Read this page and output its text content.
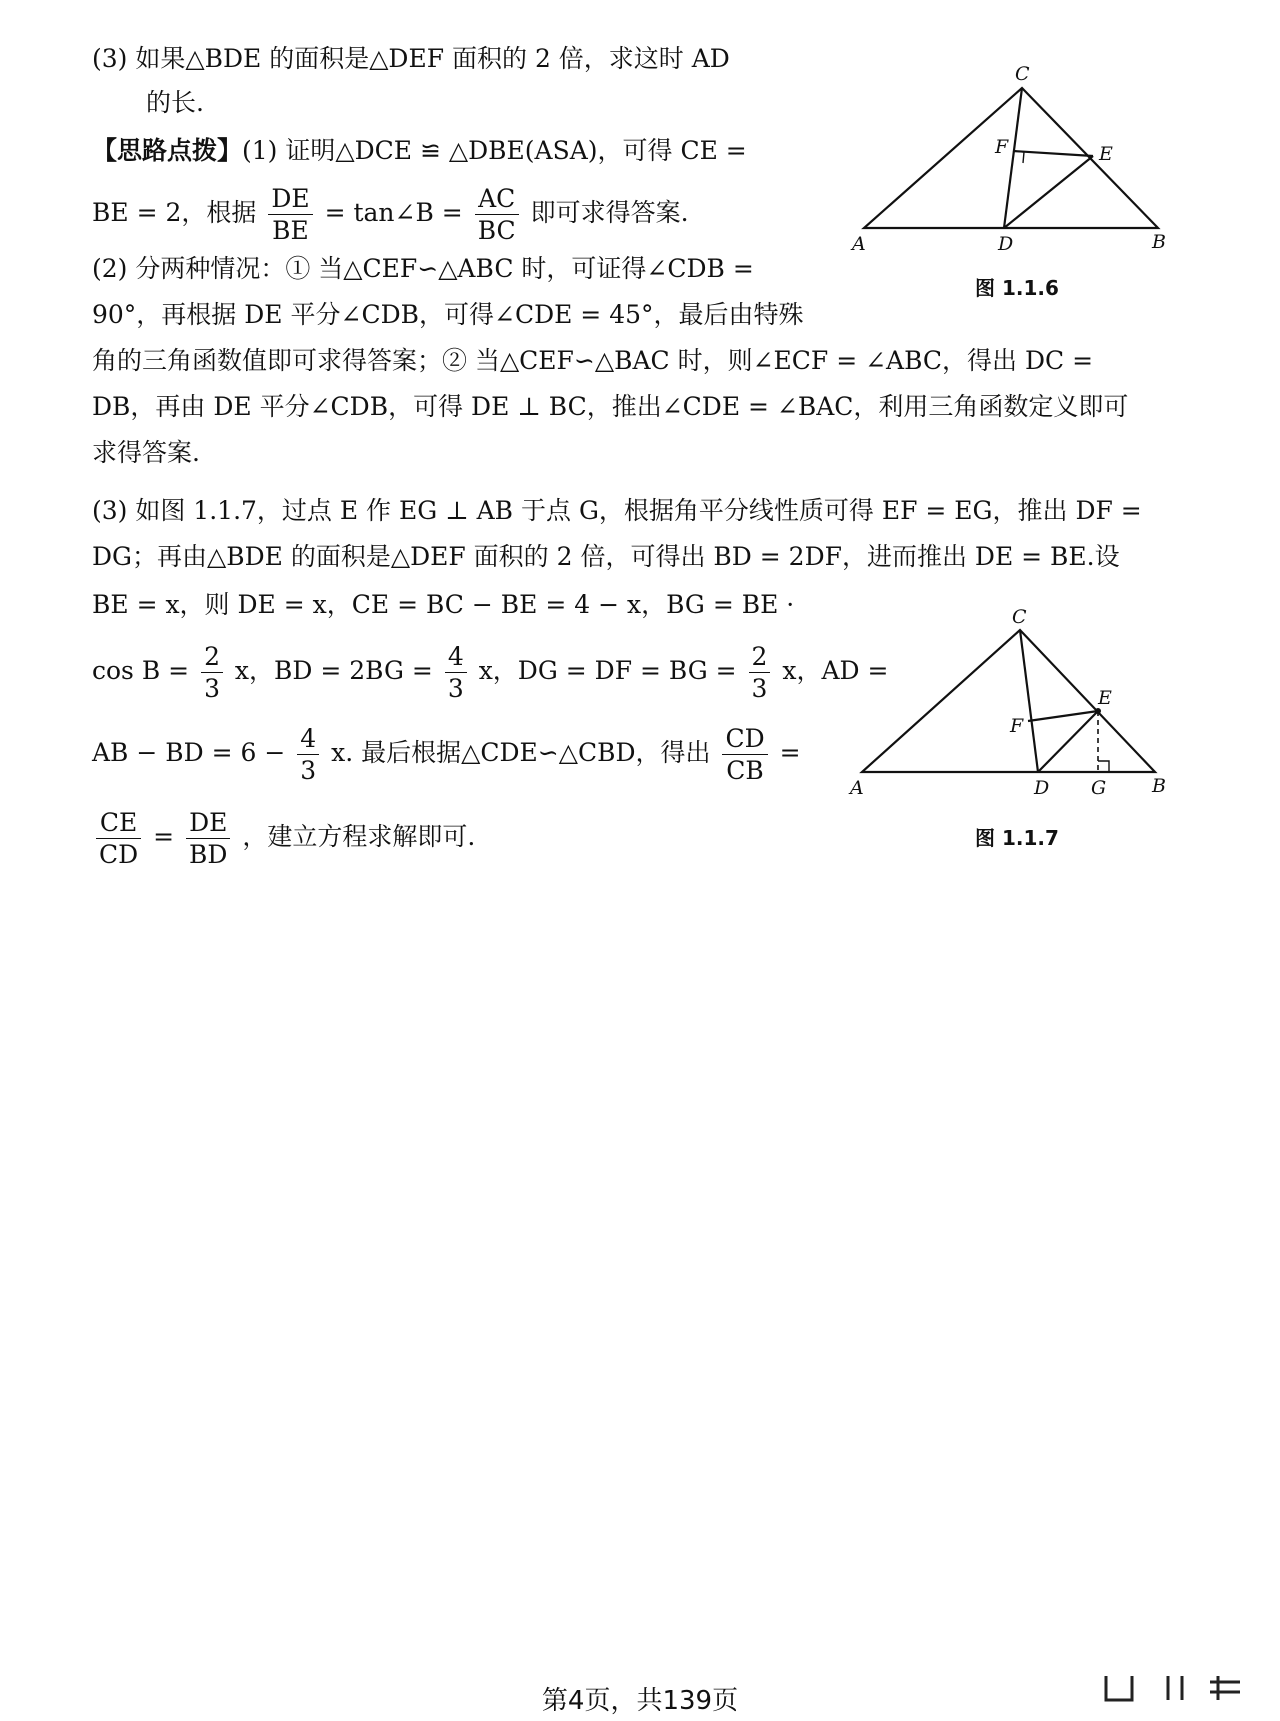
(3) 如果△BDE 的面积是△DEF 面积的 2 倍，求这时 AD
的长.
【思路点拨】(1) 证明△DCE ≌ △DBE(ASA)，可得 CE =
BE = 2，根据 $\frac{DE}{BE}$ = tan∠B = $\frac{AC}{BC}$ 即可求得答案.
(2) 分两种情况：① 当△CEF∽△ABC 时，可证得∠CDB =
90°，再根据 DE 平分∠CDB，可得∠CDE = 45°，最后由特殊
角的三角函数值即可求得答案；② 当△CEF∽△BAC 时，则∠ECF = ∠ABC，得出 DC =
DB，再由 DE 平分∠CDB，可得 DE ⊥ BC，推出∠CDE = ∠BAC，利用三角函数定义即可
求得答案.
(3) 如图 1.1.7，过点 E 作 EG ⊥ AB 于点 G，根据角平分线性质可得 EF = EG，推出 DF =
DG；再由△BDE 的面积是△DEF 面积的 2 倍，可得出 BD = 2DF，进而推出 DE = BE.设
BE = x，则 DE = x，CE = BC − BE = 4 − x，BG = BE ·
$\cos B = \frac{2}{3}$ x，BD = $2BG = \frac{4}{3}$ x，DG = DF = BG = $\frac{2}{3}$ x，AD =
AB − BD = $6 - \frac{4}{3} x$. 最后根据△CDE∽△CBD，得出 $\frac{CD}{CB}$ =
$\frac{CE}{CD} = \frac{DE}{BD}$ ，建立方程求解即可.
C
F	E
A	D	B
图 1.1.6
C
F
E
A	D G B
图 1.1.7
第4页，共139页
